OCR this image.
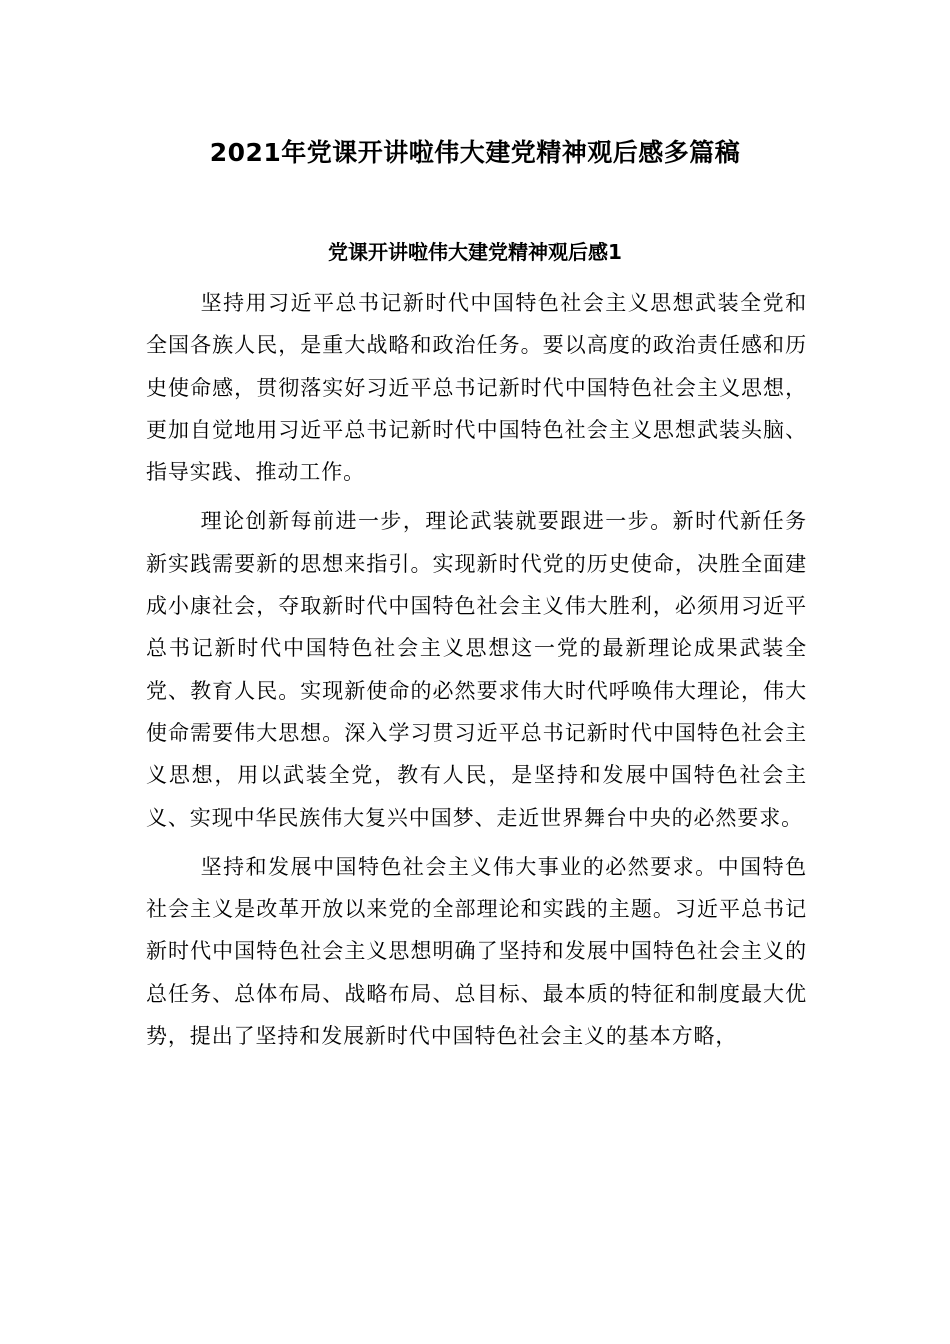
2021年党课开讲啦伟大建党精神观后感多篇稿
党课开讲啦伟大建党精神观后感1

坚持用习近平总书记新时代中国特色社会主义思想武装全党和全国各族人民，是重大战略和政治任务。要以高度的政治责任感和历史使命感，贯彻落实好习近平总书记新时代中国特色社会主义思想，更加自觉地用习近平总书记新时代中国特色社会主义思想武装头脑、指导实践、推动工作。

理论创新每前进一步，理论武装就要跟进一步。新时代新任务新实践需要新的思想来指引。实现新时代党的历史使命，决胜全面建成小康社会，夺取新时代中国特色社会主义伟大胜利，必须用习近平总书记新时代中国特色社会主义思想这一党的最新理论成果武装全党、教育人民。实现新使命的必然要求伟大时代呼唤伟大理论，伟大使命需要伟大思想。深入学习贯习近平总书记新时代中国特色社会主义思想，用以武装全党，教有人民，是坚持和发展中国特色社会主义、实现中华民族伟大复兴中国梦、走近世界舞台中央的必然要求。

坚持和发展中国特色社会主义伟大事业的必然要求。中国特色社会主义是改革开放以来党的全部理论和实践的主题。习近平总书记新时代中国特色社会主义思想明确了坚持和发展中国特色社会主义的总任务、总体布局、战略布局、总目标、最本质的特征和制度最大优势，提出了坚持和发展新时代中国特色社会主义的基本方略，
